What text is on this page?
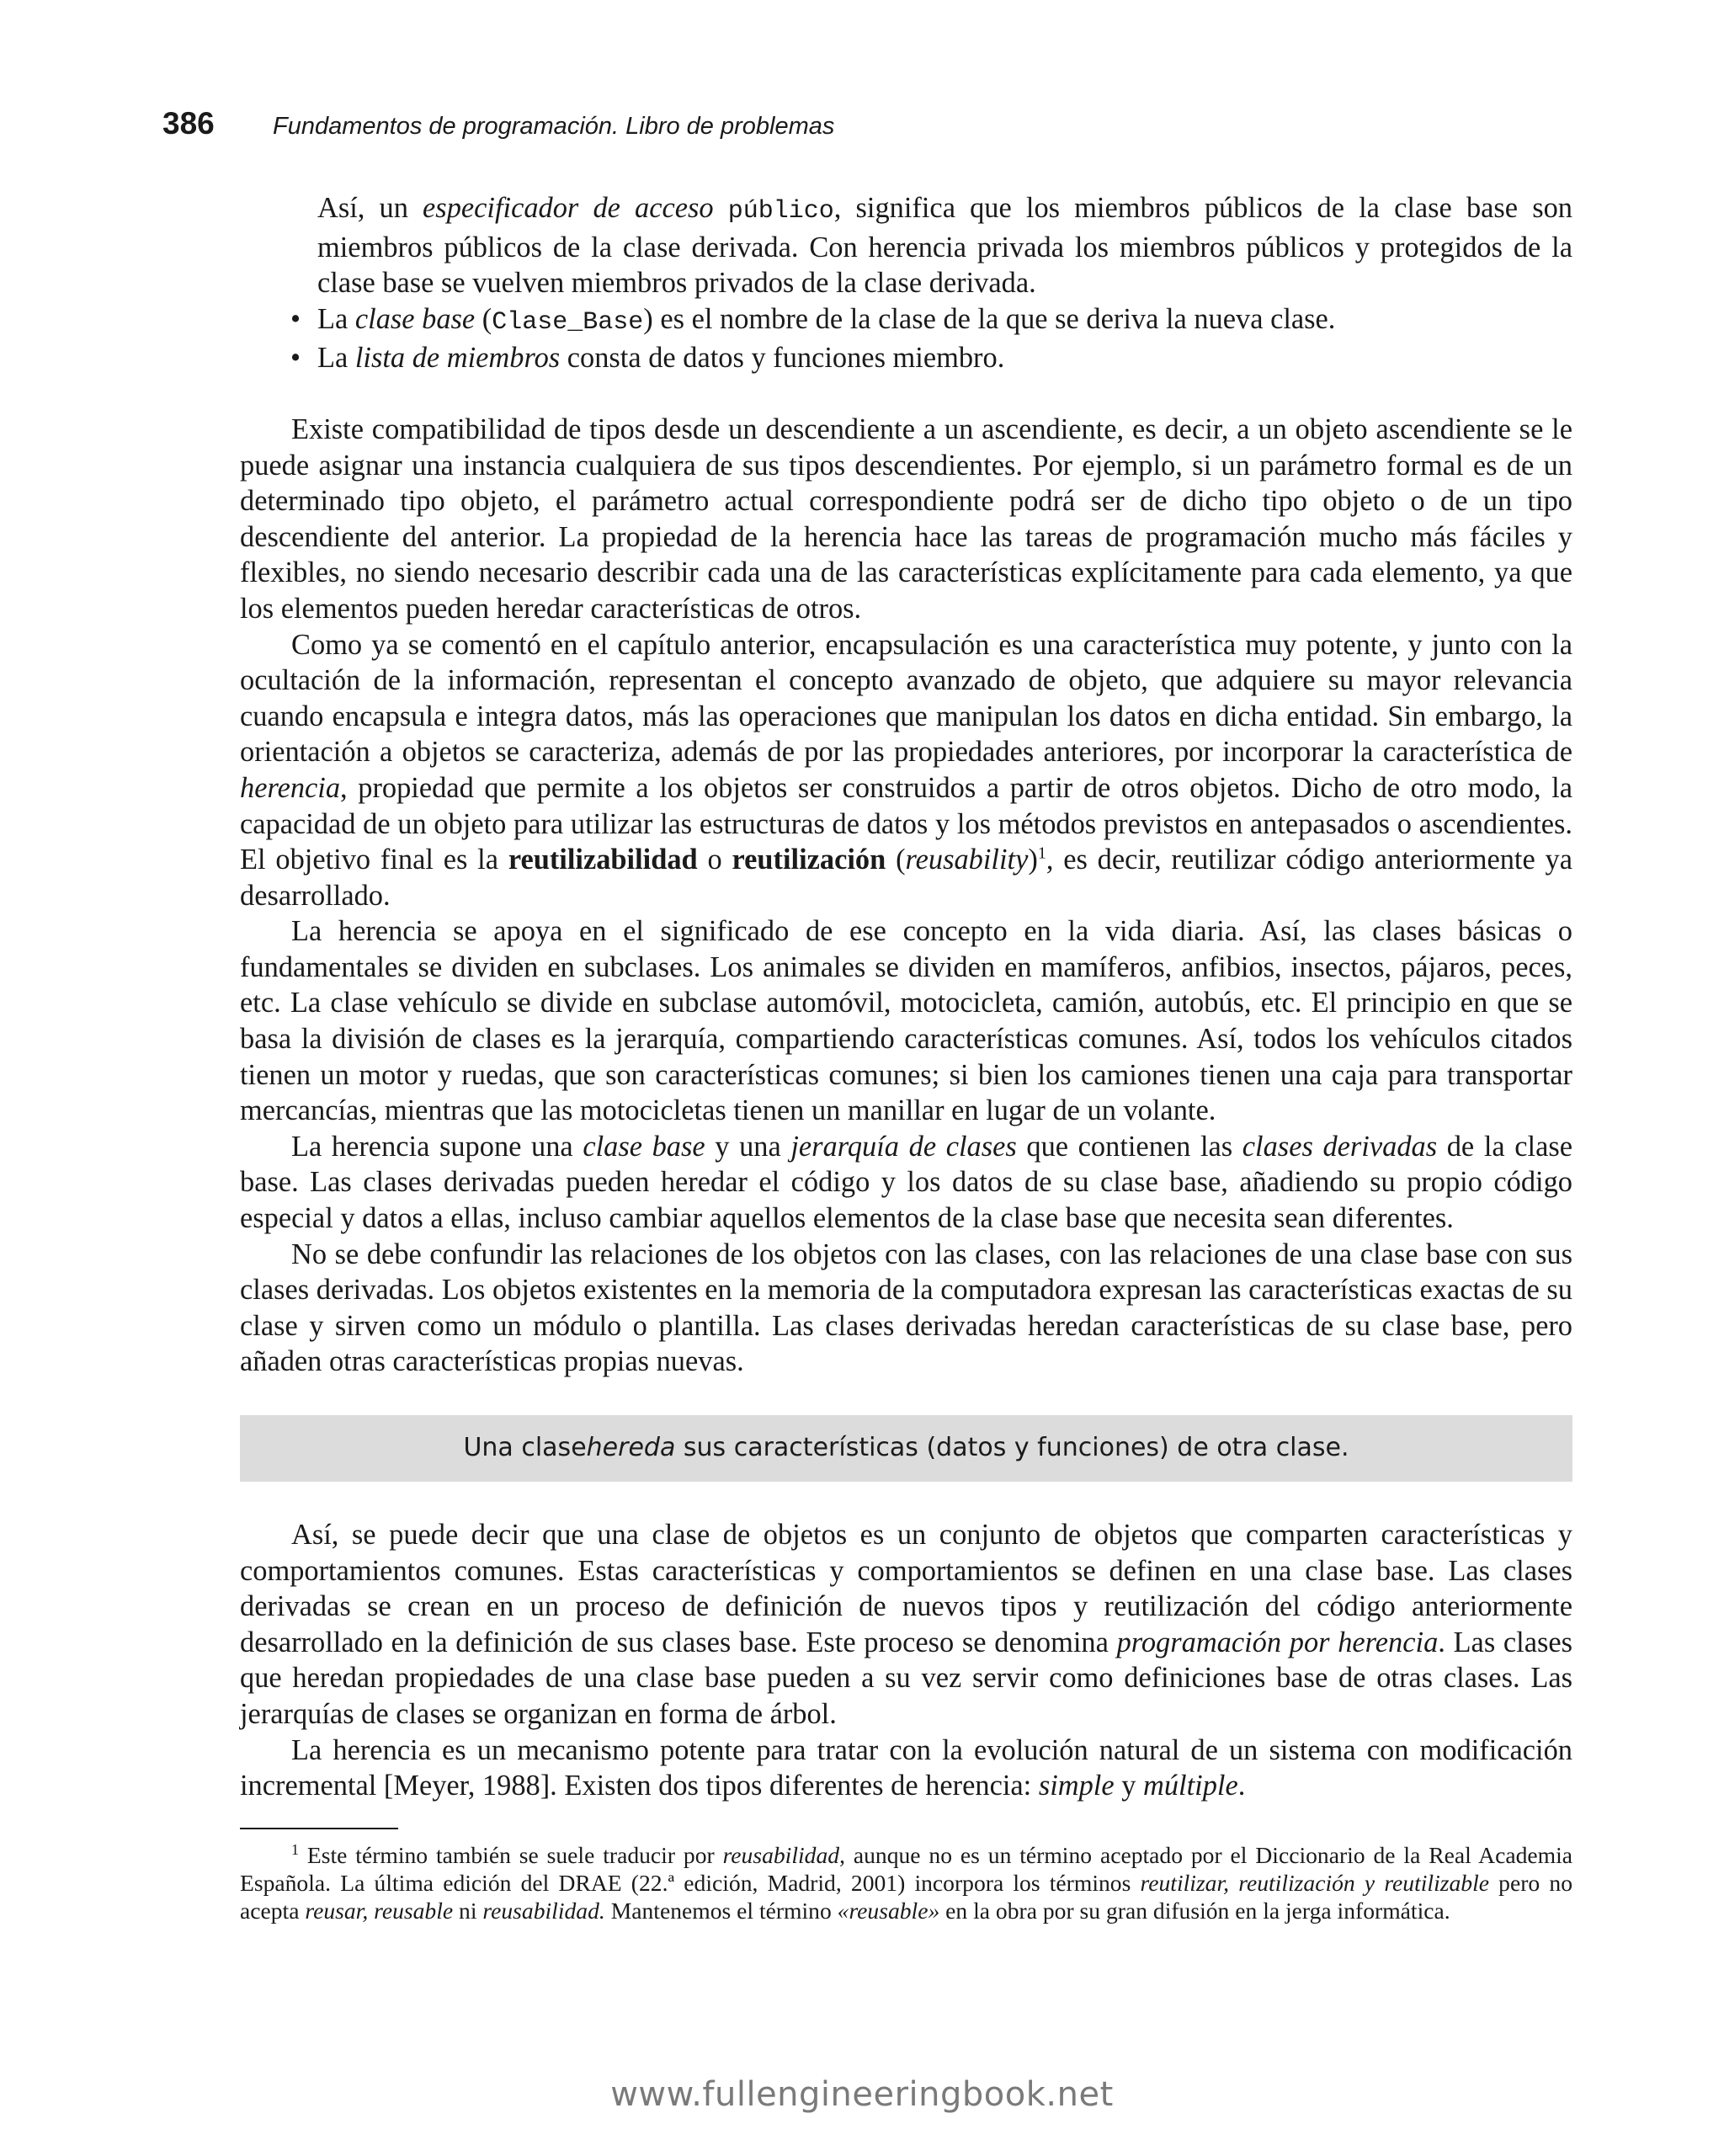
386 Fundamentos de programación. Libro de problemas

Así, un especificador de acceso público, significa que los miembros públicos de la clase base son miembros públicos de la clase derivada. Con herencia privada los miembros públicos y protegidos de la clase base se vuelven miembros privados de la clase derivada.

• La clase base (Clase_Base) es el nombre de la clase de la que se deriva la nueva clase.
• La lista de miembros consta de datos y funciones miembro.

Existe compatibilidad de tipos desde un descendiente a un ascendiente, es decir, a un objeto ascendiente se le puede asignar una instancia cualquiera de sus tipos descendientes. Por ejemplo, si un parámetro formal es de un determinado tipo objeto, el parámetro actual correspondiente podrá ser de dicho tipo objeto o de un tipo descendiente del anterior. La propiedad de la herencia hace las tareas de programación mucho más fáciles y flexibles, no siendo necesario describir cada una de las características explícitamente para cada elemento, ya que los elementos pueden heredar características de otros.

Como ya se comentó en el capítulo anterior, encapsulación es una característica muy potente, y junto con la ocultación de la información, representan el concepto avanzado de objeto, que adquiere su mayor relevancia cuando encapsula e integra datos, más las operaciones que manipulan los datos en dicha entidad. Sin embargo, la orientación a objetos se caracteriza, además de por las propiedades anteriores, por incorporar la característica de herencia, propiedad que permite a los objetos ser construidos a partir de otros objetos. Dicho de otro modo, la capacidad de un objeto para utilizar las estructuras de datos y los métodos previstos en antepasados o ascendientes. El objetivo final es la reutilizabilidad o reutilización (reusability)$^1$, es decir, reutilizar código anteriormente ya desarrollado.

La herencia se apoya en el significado de ese concepto en la vida diaria. Así, las clases básicas o fundamentales se dividen en subclases. Los animales se dividen en mamíferos, anfibios, insectos, pájaros, peces, etc. La clase vehículo se divide en subclase automóvil, motocicleta, camión, autobús, etc. El principio en que se basa la división de clases es la jerarquía, compartiendo características comunes. Así, todos los vehículos citados tienen un motor y ruedas, que son características comunes; si bien los camiones tienen una caja para transportar mercancías, mientras que las motocicletas tienen un manillar en lugar de un volante.

La herencia supone una clase base y una jerarquía de clases que contienen las clases derivadas de la clase base. Las clases derivadas pueden heredar el código y los datos de su clase base, añadiendo su propio código especial y datos a ellas, incluso cambiar aquellos elementos de la clase base que necesita sean diferentes.

No se debe confundir las relaciones de los objetos con las clases, con las relaciones de una clase base con sus clases derivadas. Los objetos existentes en la memoria de la computadora expresan las características exactas de su clase y sirven como un módulo o plantilla. Las clases derivadas heredan características de su clase base, pero añaden otras características propias nuevas.

Una clase hereda
sus características (datos y funciones) de otra clase.

Así, se puede decir que una clase de objetos es un conjunto de objetos que comparten características y comportamientos comunes. Estas características y comportamientos se definen en una clase base. Las clases derivadas se crean en un proceso de definición de nuevos tipos y reutilización del código anteriormente desarrollado en la definición de sus clases base. Este proceso se denomina programación por herencia. Las clases que heredan propiedades de una clase base pueden a su vez servir como definiciones base de otras clases. Las jerarquías de clases se organizan en forma de árbol.

La herencia es un mecanismo potente para tratar con la evolución natural de un sistema con modificación incremental [Meyer, 1988]. Existen dos tipos diferentes de herencia: simple y múltiple.

$^1$ Este término también se suele traducir por reusabilidad, aunque no es un término aceptado por el Diccionario de la Real Academia Española. La última edición del DRAE (22.ª edición, Madrid, 2001) incorpora los términos reutilizar, reutilización y reutilizable pero no acepta reusar, reusable ni reusabilidad. Mantenemos el término «reusable» en la obra por su gran difusión en la jerga informática.

www.fullengineeringbook.net
